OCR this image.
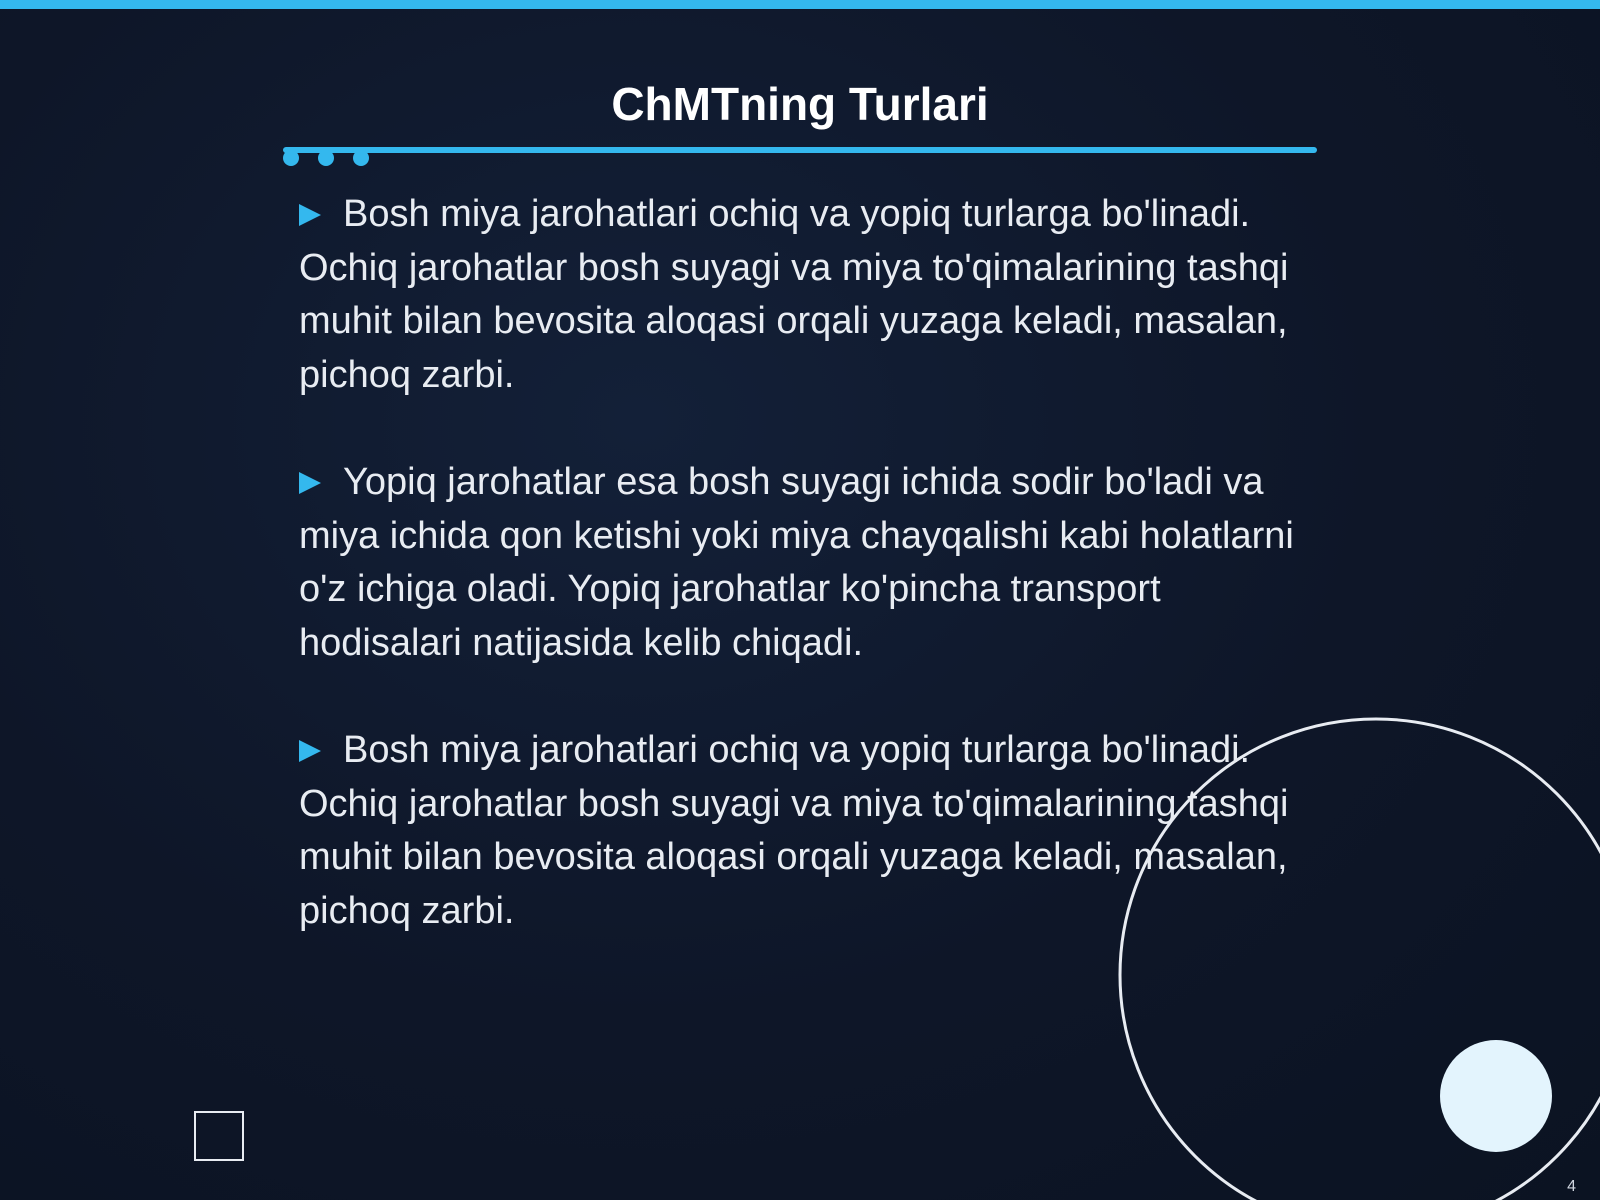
ChMTning Turlari
Bosh miya jarohatlari ochiq va yopiq turlarga bo'linadi. Ochiq jarohatlar bosh suyagi va miya to'qimalarining tashqi muhit bilan bevosita aloqasi orqali yuzaga keladi, masalan, pichoq zarbi.
Yopiq jarohatlar esa bosh suyagi ichida sodir bo'ladi va miya ichida qon ketishi yoki miya chayqalishi kabi holatlarni o'z ichiga oladi. Yopiq jarohatlar ko'pincha transport hodisalari natijasida kelib chiqadi.
Bosh miya jarohatlari ochiq va yopiq turlarga bo'linadi. Ochiq jarohatlar bosh suyagi va miya to'qimalarining tashqi muhit bilan bevosita aloqasi orqali yuzaga keladi, masalan, pichoq zarbi.
4
